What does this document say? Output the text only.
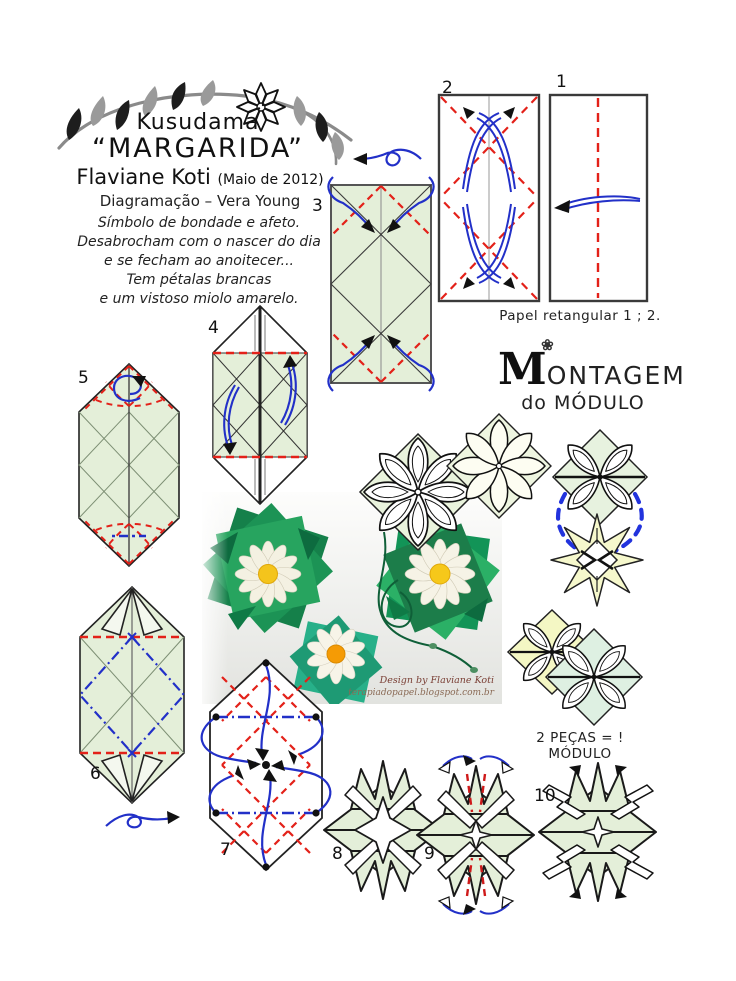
Design by Flaviane Koti
terapiadopapel.blogspot.com.br
Kusudama
“MARGARIDA”
Flaviane Koti (Maio de 2012)
Diagramação – Vera Young
Símbolo de bondade e afeto.
Desabrocham com o nascer do dia
e se fecham ao anoitecer...
Tem pétalas brancas
e um vistoso miolo amarelo.
M
❀
ONTAGEM
do MÓDULO
2 PEÇAS = ! MÓDULO
Papel retangular 1 ; 2.
1
2
3
4
5
6
7	8	9
10
